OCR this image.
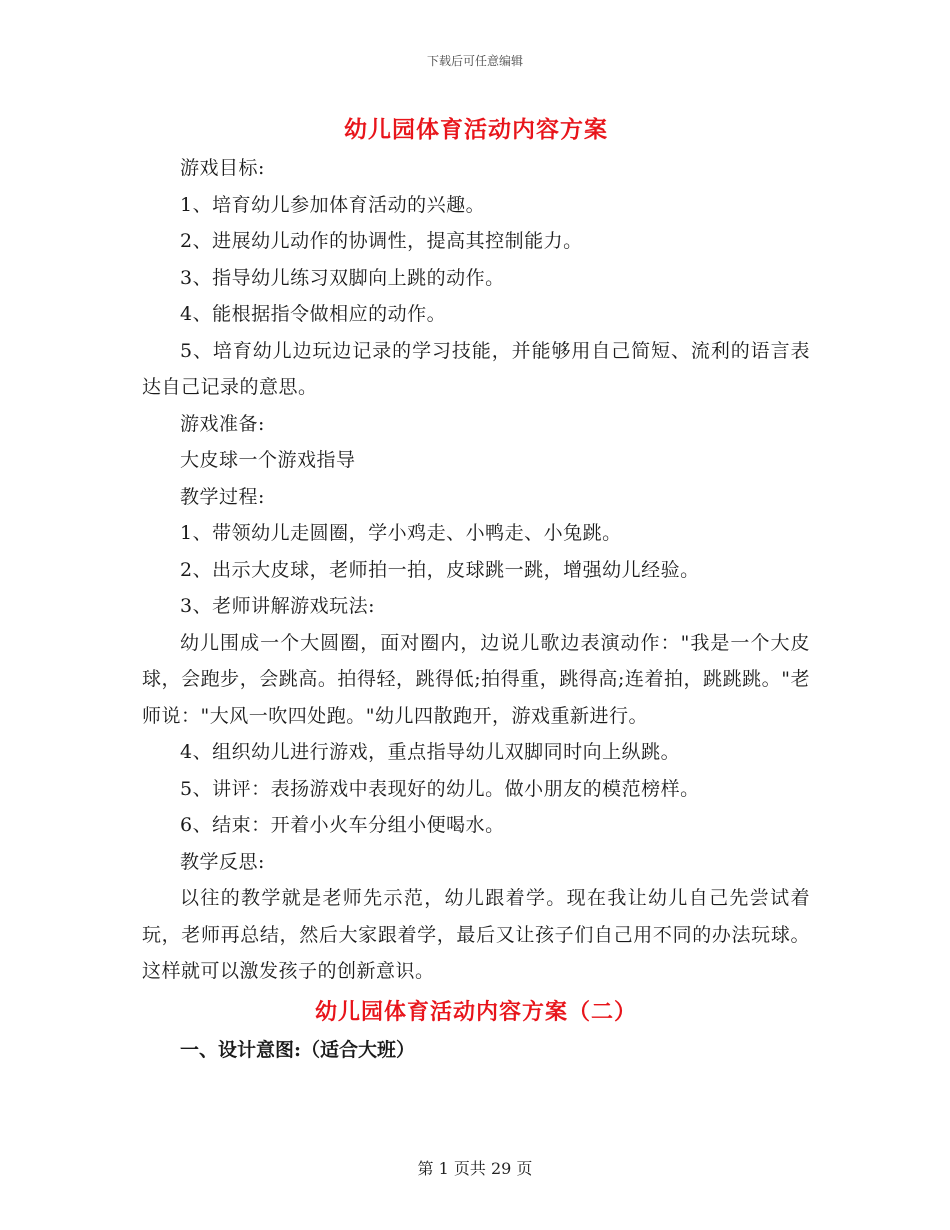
下载后可任意编辑
幼儿园体育活动内容方案

游戏目标:

1、培育幼儿参加体育活动的兴趣。

2、进展幼儿动作的协调性，提高其控制能力。

3、指导幼儿练习双脚向上跳的动作。

4、能根据指令做相应的动作。

5、培育幼儿边玩边记录的学习技能，并能够用自己简短、流利的语言表达自己记录的意思。

游戏准备:

大皮球一个游戏指导

教学过程:

1、带领幼儿走圆圈，学小鸡走、小鸭走、小兔跳。

2、出示大皮球，老师拍一拍，皮球跳一跳，增强幼儿经验。

3、老师讲解游戏玩法:

幼儿围成一个大圆圈，面对圈内，边说儿歌边表演动作："我是一个大皮球，会跑步，会跳高。拍得轻，跳得低;拍得重，跳得高;连着拍，跳跳跳。"老师说："大风一吹四处跑。"幼儿四散跑开，游戏重新进行。

4、组织幼儿进行游戏，重点指导幼儿双脚同时向上纵跳。

5、讲评：表扬游戏中表现好的幼儿。做小朋友的模范榜样。

6、结束：开着小火车分组小便喝水。

教学反思:

以往的教学就是老师先示范，幼儿跟着学。现在我让幼儿自己先尝试着玩，老师再总结，然后大家跟着学，最后又让孩子们自己用不同的办法玩球。这样就可以激发孩子的创新意识。

幼儿园体育活动内容方案（二）

一、设计意图:（适合大班）

第 1 页共 29 页
